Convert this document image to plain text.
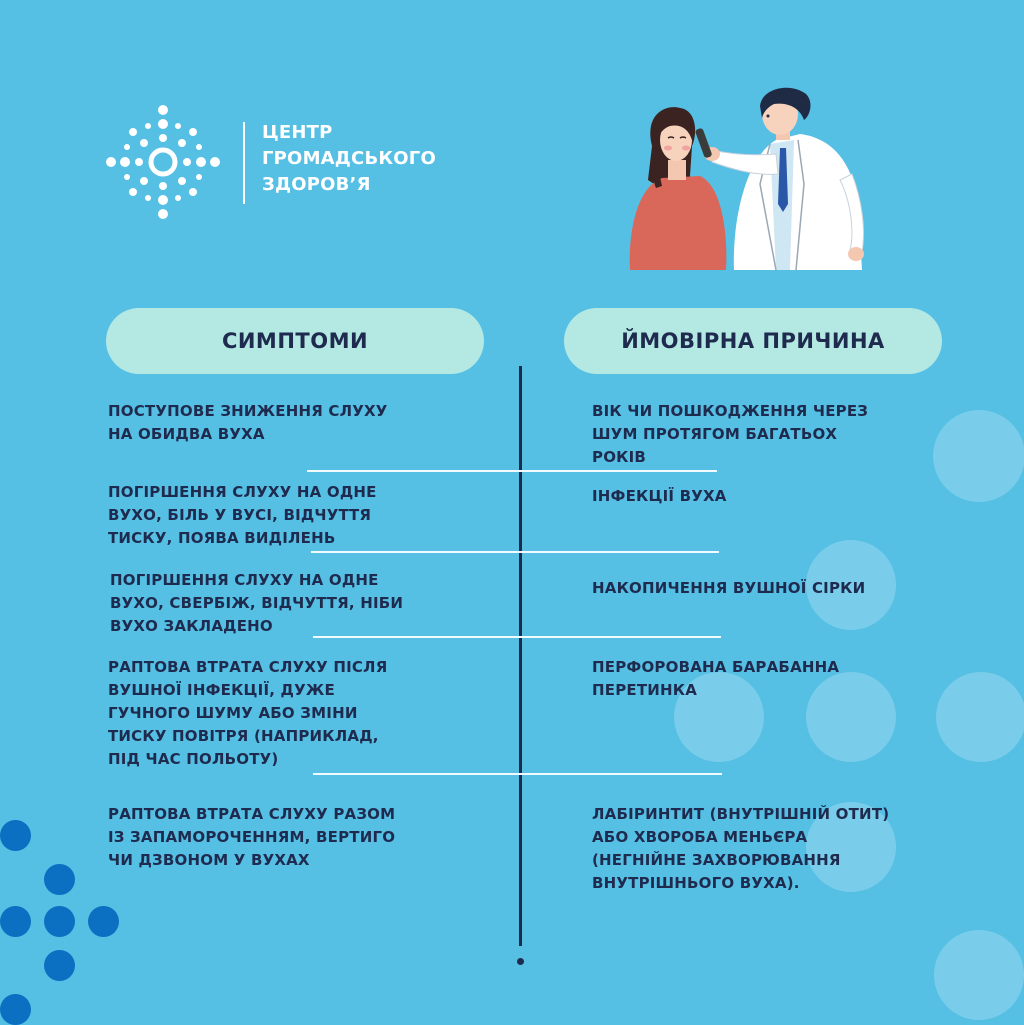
ЦЕНТР
ГРОМАДСЬКОГО
ЗДОРОВ’Я
СИМПТОМИ	ЙМОВІРНА ПРИЧИНА
ПОСТУПОВЕ ЗНИЖЕННЯ СЛУХУ
НА ОБИДВА ВУХА
ВІК ЧИ ПОШКОДЖЕННЯ ЧЕРЕЗ
ШУМ ПРОТЯГОМ БАГАТЬОХ
РОКІВ
ПОГІРШЕННЯ СЛУХУ НА ОДНЕ
ВУХО, БІЛЬ У ВУСІ, ВІДЧУТТЯ
ТИСКУ, ПОЯВА ВИДІЛЕНЬ
ІНФЕКЦІЇ ВУХА
ПОГІРШЕННЯ СЛУХУ НА ОДНЕ
ВУХО, СВЕРБІЖ, ВІДЧУТТЯ, НІБИ
ВУХО ЗАКЛАДЕНО
НАКОПИЧЕННЯ ВУШНОЇ СІРКИ
РАПТОВА ВТРАТА СЛУХУ ПІСЛЯ
ВУШНОЇ ІНФЕКЦІЇ, ДУЖЕ
ГУЧНОГО ШУМУ АБО ЗМІНИ
ТИСКУ ПОВІТРЯ (НАПРИКЛАД,
ПІД ЧАС ПОЛЬОТУ)
ПЕРФОРОВАНА БАРАБАННА
ПЕРЕТИНКА
РАПТОВА ВТРАТА СЛУХУ РАЗОМ
ІЗ ЗАПАМОРОЧЕННЯМ, ВЕРТИГО
ЧИ ДЗВОНОМ У ВУХАХ
ЛАБІРИНТИТ (ВНУТРІШНІЙ ОТИТ)
АБО ХВОРОБА МЕНЬЄРА
(НЕГНІЙНЕ ЗАХВОРЮВАННЯ
ВНУТРІШНЬОГО ВУХА).
